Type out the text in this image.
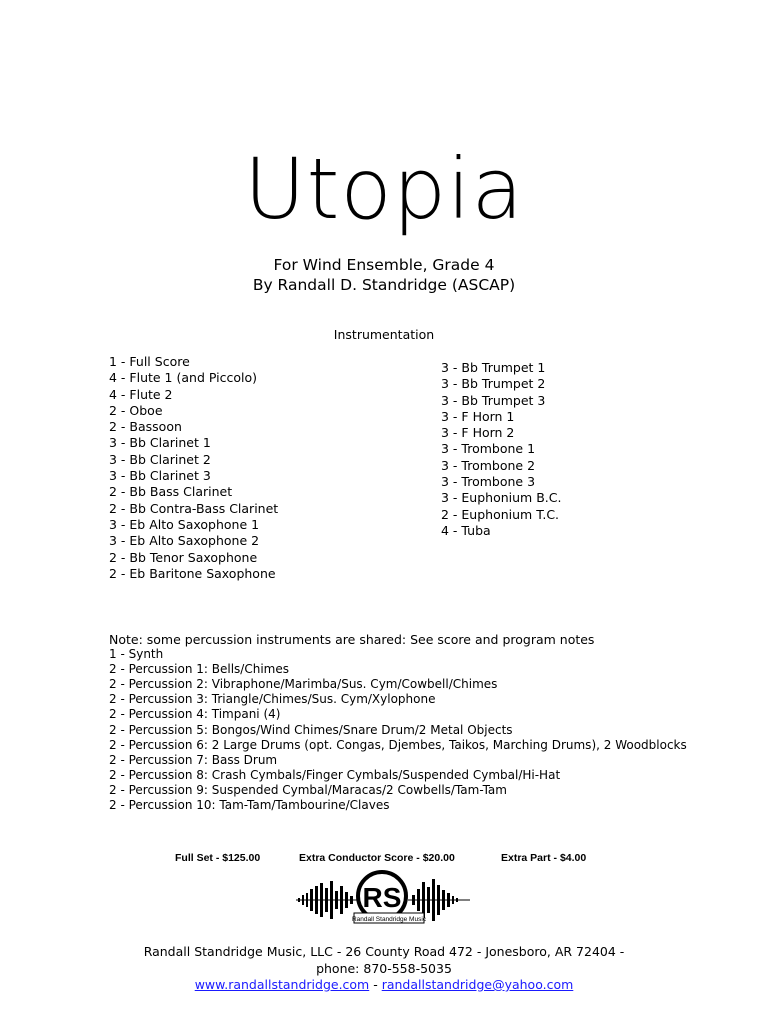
Utopia
For Wind Ensemble, Grade 4
By Randall D. Standridge (ASCAP)
Instrumentation
1 - Full Score
4 - Flute 1 (and Piccolo)
4 - Flute 2
2 - Oboe
2 - Bassoon
3 - Bb Clarinet 1
3 - Bb Clarinet 2
3 - Bb Clarinet 3
2 - Bb Bass Clarinet
2 - Bb Contra-Bass Clarinet
3 - Eb Alto Saxophone 1
3 - Eb Alto Saxophone 2
2 - Bb Tenor Saxophone
2 - Eb Baritone Saxophone
3 - Bb Trumpet 1
3 - Bb Trumpet 2
3 - Bb Trumpet 3
3 - F Horn 1
3 - F Horn 2
3 - Trombone 1
3 - Trombone 2
3 - Trombone 3
3 - Euphonium B.C.
2 - Euphonium T.C.
4 - Tuba
Note: some percussion instruments are shared: See score and program notes
1 - Synth
2 - Percussion 1: Bells/Chimes
2 - Percussion 2: Vibraphone/Marimba/Sus. Cym/Cowbell/Chimes
2 - Percussion 3: Triangle/Chimes/Sus. Cym/Xylophone
2 - Percussion 4: Timpani (4)
2 - Percussion 5: Bongos/Wind Chimes/Snare Drum/2 Metal Objects
2 - Percussion 6: 2 Large Drums (opt. Congas, Djembes, Taikos, Marching Drums), 2 Woodblocks
2 - Percussion 7: Bass Drum
2 - Percussion 8: Crash Cymbals/Finger Cymbals/Suspended Cymbal/Hi-Hat
2 - Percussion 9: Suspended Cymbal/Maracas/2 Cowbells/Tam-Tam
2 - Percussion 10: Tam-Tam/Tambourine/Claves
Full Set - $125.00	Extra Conductor Score - $20.00	Extra Part - $4.00
RS
Randall Standridge Music
Randall Standridge Music, LLC - 26 County Road 472 - Jonesboro, AR 72404 -
phone: 870-558-5035
www.randallstandridge.com - randallstandridge@yahoo.com
